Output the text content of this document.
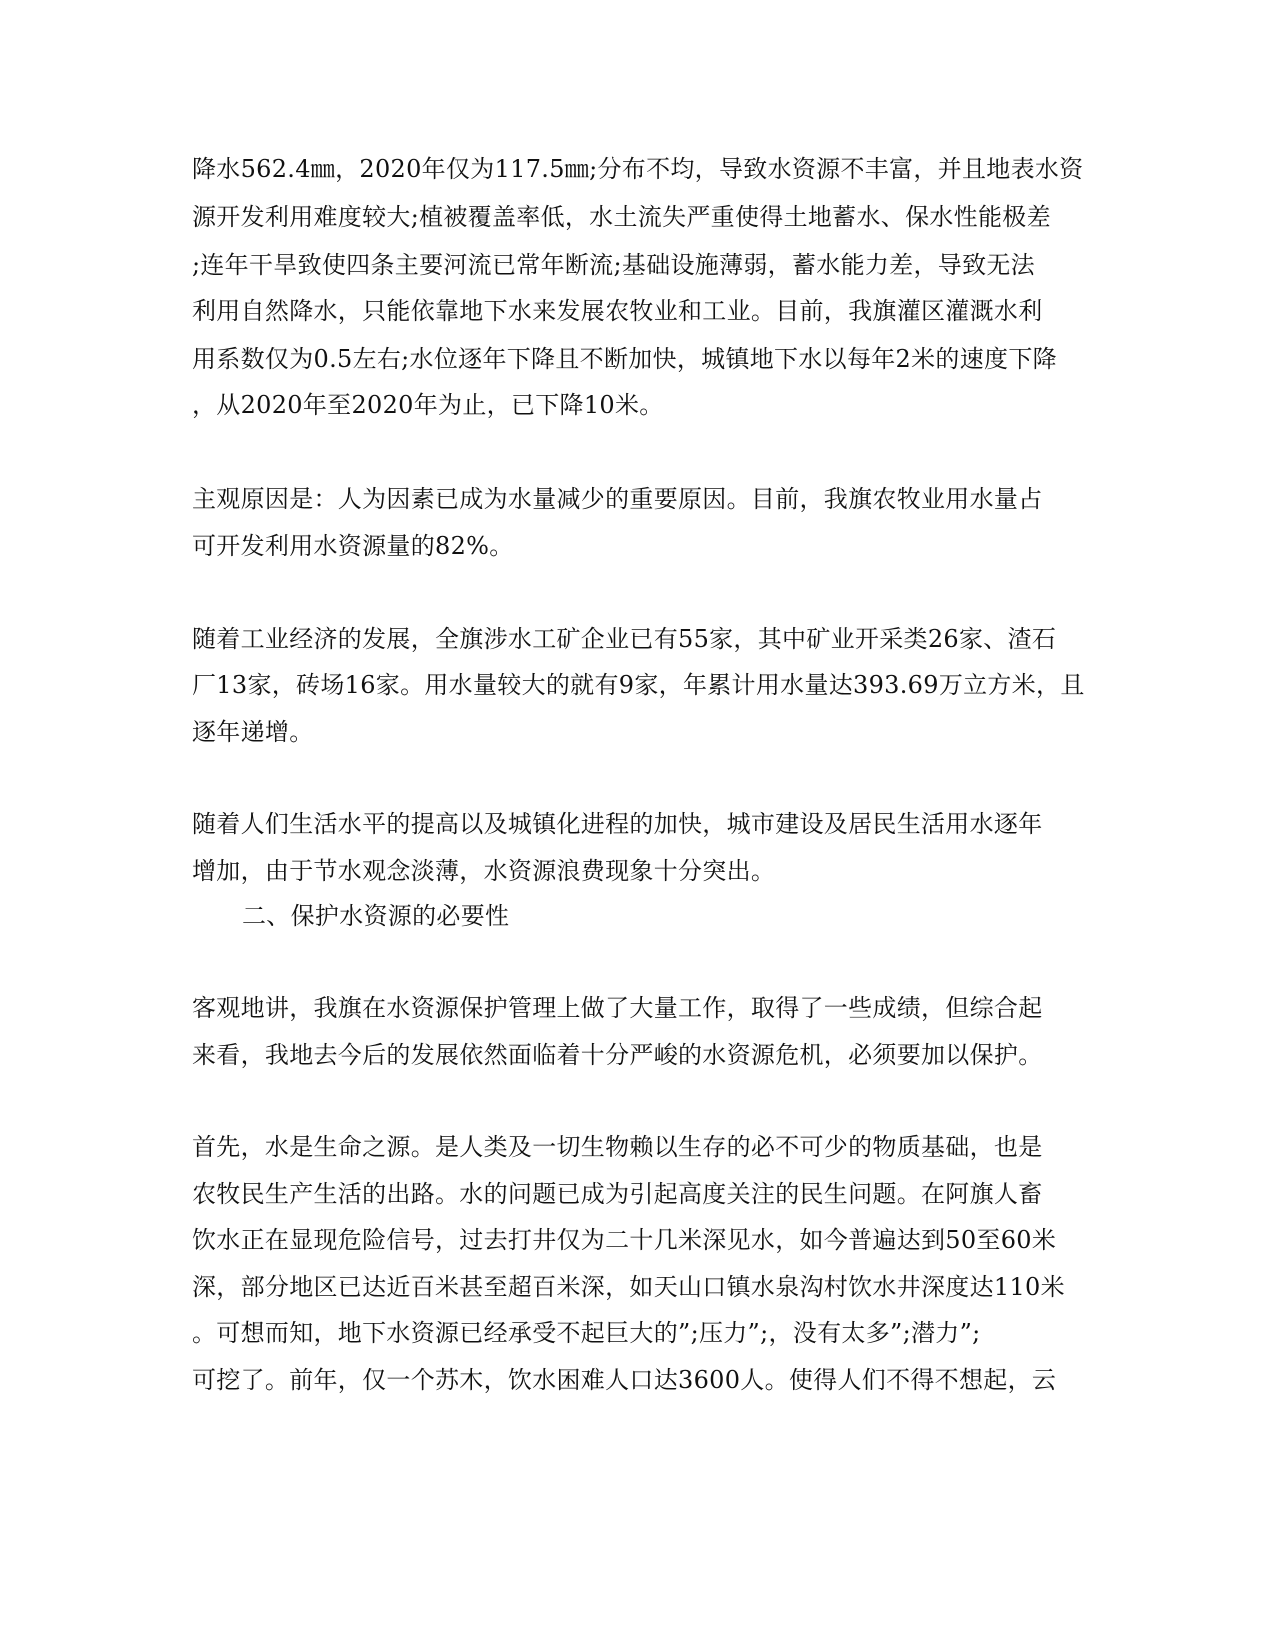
降水562.4㎜，2020年仅为117.5㎜;分布不均，导致水资源不丰富，并且地表水资
源开发利用难度较大;植被覆盖率低，水土流失严重使得土地蓄水、保水性能极差
;连年干旱致使四条主要河流已常年断流;基础设施薄弱，蓄水能力差，导致无法
利用自然降水，只能依靠地下水来发展农牧业和工业。目前，我旗灌区灌溉水利
用系数仅为0.5左右;水位逐年下降且不断加快，城镇地下水以每年2米的速度下降
，从2020年至2020年为止，已下降10米。
主观原因是：人为因素已成为水量减少的重要原因。目前，我旗农牧业用水量占
可开发利用水资源量的82%。
随着工业经济的发展，全旗涉水工矿企业已有55家，其中矿业开采类26家、渣石
厂13家，砖场16家。用水量较大的就有9家，年累计用水量达393.69万立方米，且
逐年递增。
随着人们生活水平的提高以及城镇化进程的加快，城市建设及居民生活用水逐年
增加，由于节水观念淡薄，水资源浪费现象十分突出。
二、保护水资源的必要性
客观地讲，我旗在水资源保护管理上做了大量工作，取得了一些成绩，但综合起
来看，我地去今后的发展依然面临着十分严峻的水资源危机，必须要加以保护。
首先，水是生命之源。是人类及一切生物赖以生存的必不可少的物质基础，也是
农牧民生产生活的出路。水的问题已成为引起高度关注的民生问题。在阿旗人畜
饮水正在显现危险信号，过去打井仅为二十几米深见水，如今普遍达到50至60米
深，部分地区已达近百米甚至超百米深，如天山口镇水泉沟村饮水井深度达110米
。可想而知，地下水资源已经承受不起巨大的”;压力”;，没有太多”;潜力”;
可挖了。前年，仅一个苏木，饮水困难人口达3600人。使得人们不得不想起，云
